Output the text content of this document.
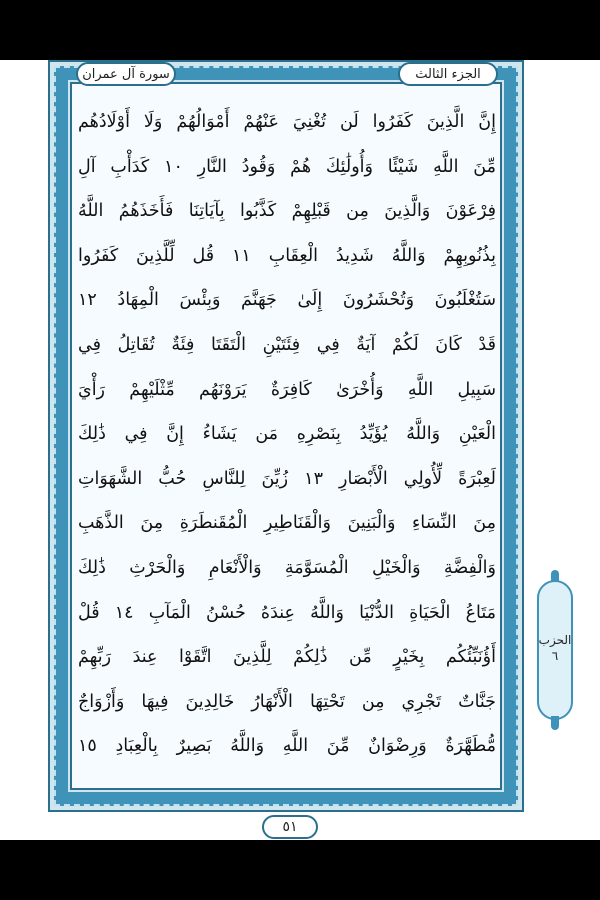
سورة آل عمران	الجزء الثالث
إِنَّ الَّذِينَ كَفَرُوا لَن تُغْنِيَ عَنْهُمْ أَمْوَالُهُمْ وَلَا أَوْلَادُهُم
مِّنَ اللَّهِ شَيْئًا وَأُولَٰئِكَ هُمْ وَقُودُ النَّارِ ١٠ كَدَأْبِ آلِ
فِرْعَوْنَ وَالَّذِينَ مِن قَبْلِهِمْ كَذَّبُوا بِآيَاتِنَا فَأَخَذَهُمُ اللَّهُ
بِذُنُوبِهِمْ وَاللَّهُ شَدِيدُ الْعِقَابِ ١١ قُل لِّلَّذِينَ كَفَرُوا
سَتُغْلَبُونَ وَتُحْشَرُونَ إِلَىٰ جَهَنَّمَ وَبِئْسَ الْمِهَادُ ١٢
قَدْ كَانَ لَكُمْ آيَةٌ فِي فِئَتَيْنِ الْتَقَتَا فِئَةٌ تُقَاتِلُ فِي
سَبِيلِ اللَّهِ وَأُخْرَىٰ كَافِرَةٌ يَرَوْنَهُم مِّثْلَيْهِمْ رَأْيَ
الْعَيْنِ وَاللَّهُ يُؤَيِّدُ بِنَصْرِهِ مَن يَشَاءُ إِنَّ فِي ذَٰلِكَ
لَعِبْرَةً لِّأُولِي الْأَبْصَارِ ١٣ زُيِّنَ لِلنَّاسِ حُبُّ الشَّهَوَاتِ
مِنَ النِّسَاءِ وَالْبَنِينَ وَالْقَنَاطِيرِ الْمُقَنطَرَةِ مِنَ الذَّهَبِ
وَالْفِضَّةِ وَالْخَيْلِ الْمُسَوَّمَةِ وَالْأَنْعَامِ وَالْحَرْثِ ذَٰلِكَ
مَتَاعُ الْحَيَاةِ الدُّنْيَا وَاللَّهُ عِندَهُ حُسْنُ الْمَآبِ ١٤ قُلْ
أَؤُنَبِّئُكُم بِخَيْرٍ مِّن ذَٰلِكُمْ لِلَّذِينَ اتَّقَوْا عِندَ رَبِّهِمْ
جَنَّاتٌ تَجْرِي مِن تَحْتِهَا الْأَنْهَارُ خَالِدِينَ فِيهَا وَأَزْوَاجٌ
مُّطَهَّرَةٌ وَرِضْوَانٌ مِّنَ اللَّهِ وَاللَّهُ بَصِيرٌ بِالْعِبَادِ ١٥
الحزب
٦
٥١
